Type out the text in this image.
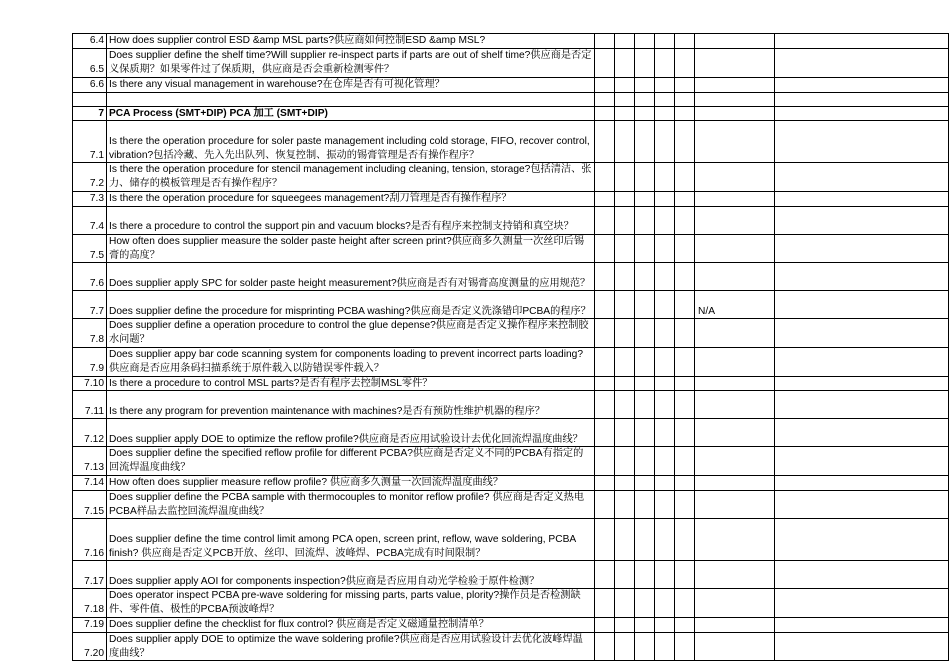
6.4	How does supplier control ESD &amp MSL parts?供应商如何控制ESD &amp MSL?							
6.5	Does supplier define the shelf time?Will supplier re-inspect parts if parts are out of shelf time?供应商是否定义保质期？如果零件过了保质期，供应商是否会重新检测零件？							
6.6	Is there any visual management in warehouse?在仓库是否有可视化管理？							

7	PCA Process (SMT+DIP) PCA 加工 (SMT+DIP)							
7.1	Is there the operation procedure for soler paste management including cold storage, FIFO, recover control, vibration?包括冷藏、先入先出队列、恢复控制、振动的锡膏管理是否有操作程序？							
7.2	Is there the operation procedure for stencil management including cleaning, tension, storage?包括清洁、张力、储存的模板管理是否有操作程序？							
7.3	Is there the operation procedure for squeegees management?刮刀管理是否有操作程序？							
7.4	Is there a procedure to control the support pin and vacuum blocks?是否有程序来控制支持销和真空块？							
7.5	How often does supplier measure the solder paste height after screen print?供应商多久测量一次丝印后锡膏的高度？							
7.6	Does supplier apply SPC for solder paste height measurement?供应商是否有对锡膏高度测量的应用规范？							
7.7	Does supplier define the procedure for misprinting PCBA washing?供应商是否定义洗涤错印PCBA的程序？						N/A	
7.8	Does supplier define a operation procedure to control the glue depense?供应商是否定义操作程序来控制胶水问题？							
7.9	Does supplier appy bar code scanning system for components loading to prevent incorrect parts loading?供应商是否应用条码扫描系统于原件载入以防错误零件载入？							
7.10	Is there a procedure to control MSL parts?是否有程序去控制MSL零件？							
7.11	Is there any program for prevention maintenance with machines?是否有预防性维护机器的程序？							
7.12	Does supplier apply DOE to optimize the reflow profile?供应商是否应用试验设计去优化回流焊温度曲线？							
7.13	Does supplier define the specified reflow profile for different PCBA?供应商是否定义不同的PCBA有指定的回流焊温度曲线？							
7.14	How often does supplier measure reflow profile? 供应商多久测量一次回流焊温度曲线？							
7.15	Does supplier define the PCBA sample with thermocouples to monitor reflow profile? 供应商是否定义热电PCBA样品去监控回流焊温度曲线？							
7.16	Does supplier define the time control limit among PCA open, screen print, reflow, wave soldering, PCBA finish? 供应商是否定义PCB开放、丝印、回流焊、波峰焊、PCBA完成有时间限制？							
7.17	Does supplier apply AOI for components inspection?供应商是否应用自动光学检验于原件检测？							
7.18	Does operator inspect PCBA pre-wave soldering for missing parts, parts value, plority?操作员是否检测缺件、零件值、极性的PCBA预波峰焊？							
7.19	Does supplier define the checklist for flux control? 供应商是否定义磁通量控制清单？							
7.20	Does supplier apply DOE to optimize the wave soldering profile?供应商是否应用试验设计去优化波峰焊温度曲线？							
